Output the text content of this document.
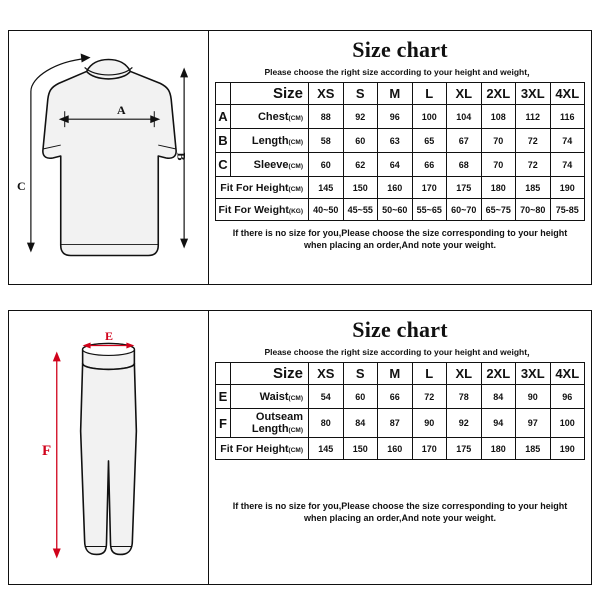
A
C
B
Size chart
Please choose the right size according to your height and weight，
	Size	XS	S	M	L	XL	2XL	3XL	4XL
A	Chest(CM)	88	92	96	100	104	108	112	116
B	Length(CM)	58	60	63	65	67	70	72	74
C	Sleeve(CM)	60	62	64	66	68	70	72	74
Fit For Height(CM)		145	150	160	170	175	180	185	190
Fit For Weight(KG)		40~50	45~55	50~60	55~65	60~70	65~75	70~80	75-85
If there is no size for you,Please choose the size corresponding to your height when placing an order,And note your weight.
E
F
Size chart
Please choose the right size according to your height and weight，
	Size	XS	S	M	L	XL	2XL	3XL	4XL
E	Waist(CM)	54	60	66	72	78	84	90	96
F	Outseam Length(CM)	80	84	87	90	92	94	97	100
Fit For Height(CM)		145	150	160	170	175	180	185	190
If there is no size for you,Please choose the size corresponding to your height when placing an order,And note your weight.
